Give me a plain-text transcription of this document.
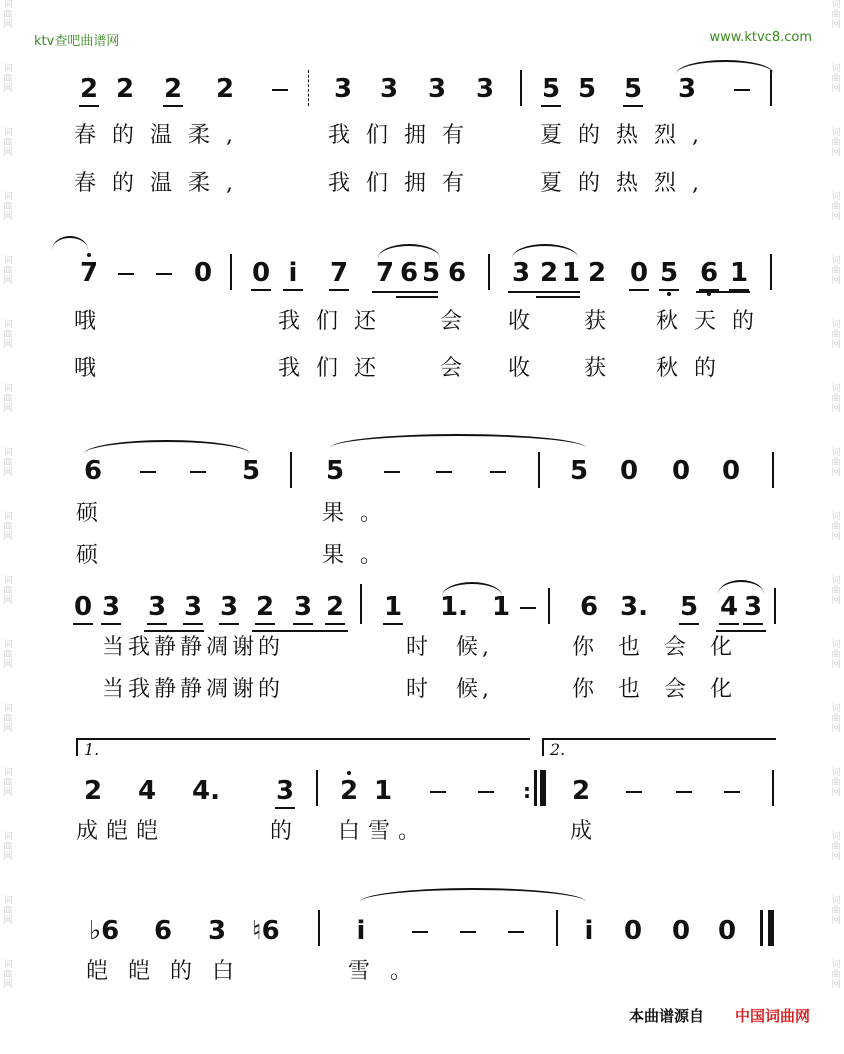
词
曲
网
词
曲
网
词
曲
网
词
曲
网
词
曲
网
词
曲
网
词
曲
网
词
曲
网
词
曲
网
词
曲
网
词
曲
网
词
曲
网
词
曲
网
词
曲
网
词
曲
网
词
曲
网
词
曲
网
词
曲
网
词
曲
网
词
曲
网
词
曲
网
词
曲
网
词
曲
网
词
曲
网
词
曲
网
词
曲
网
词
曲
网
词
曲
网
词
曲
网
词
曲
网
词
曲
网
词
曲
网
ktv查吧曲谱网	www.ktvc8.com
2 2 2 2	3 3 3 3 5 5 5 3
春的温柔,	我们拥有	夏的热烈,
春的温柔,	我们拥有	夏的热烈,
7	0 0 i	7 7 6 5 6 3 2 1 2 0 5 6 1
哦	我们还 会 收 获 秋天的
哦	我们还 会 收 获 秋的
6	5	5	5 0 0 0
硕	果。
硕	果。
0 3 3 3 3 2 3 2 1 1. 1	6 3.	5 4 3
当我静静凋谢的	时 候,	你也会化
当我静静凋谢的	时 候,	你也会化
1.	2.
2 4 4.	3 2 1	:	2
成皑皑	的 白雪。	成
♭6 6 3	♮6	i	i	0 0 0
皑皑的白	雪。
本曲谱源自 中国词曲网
